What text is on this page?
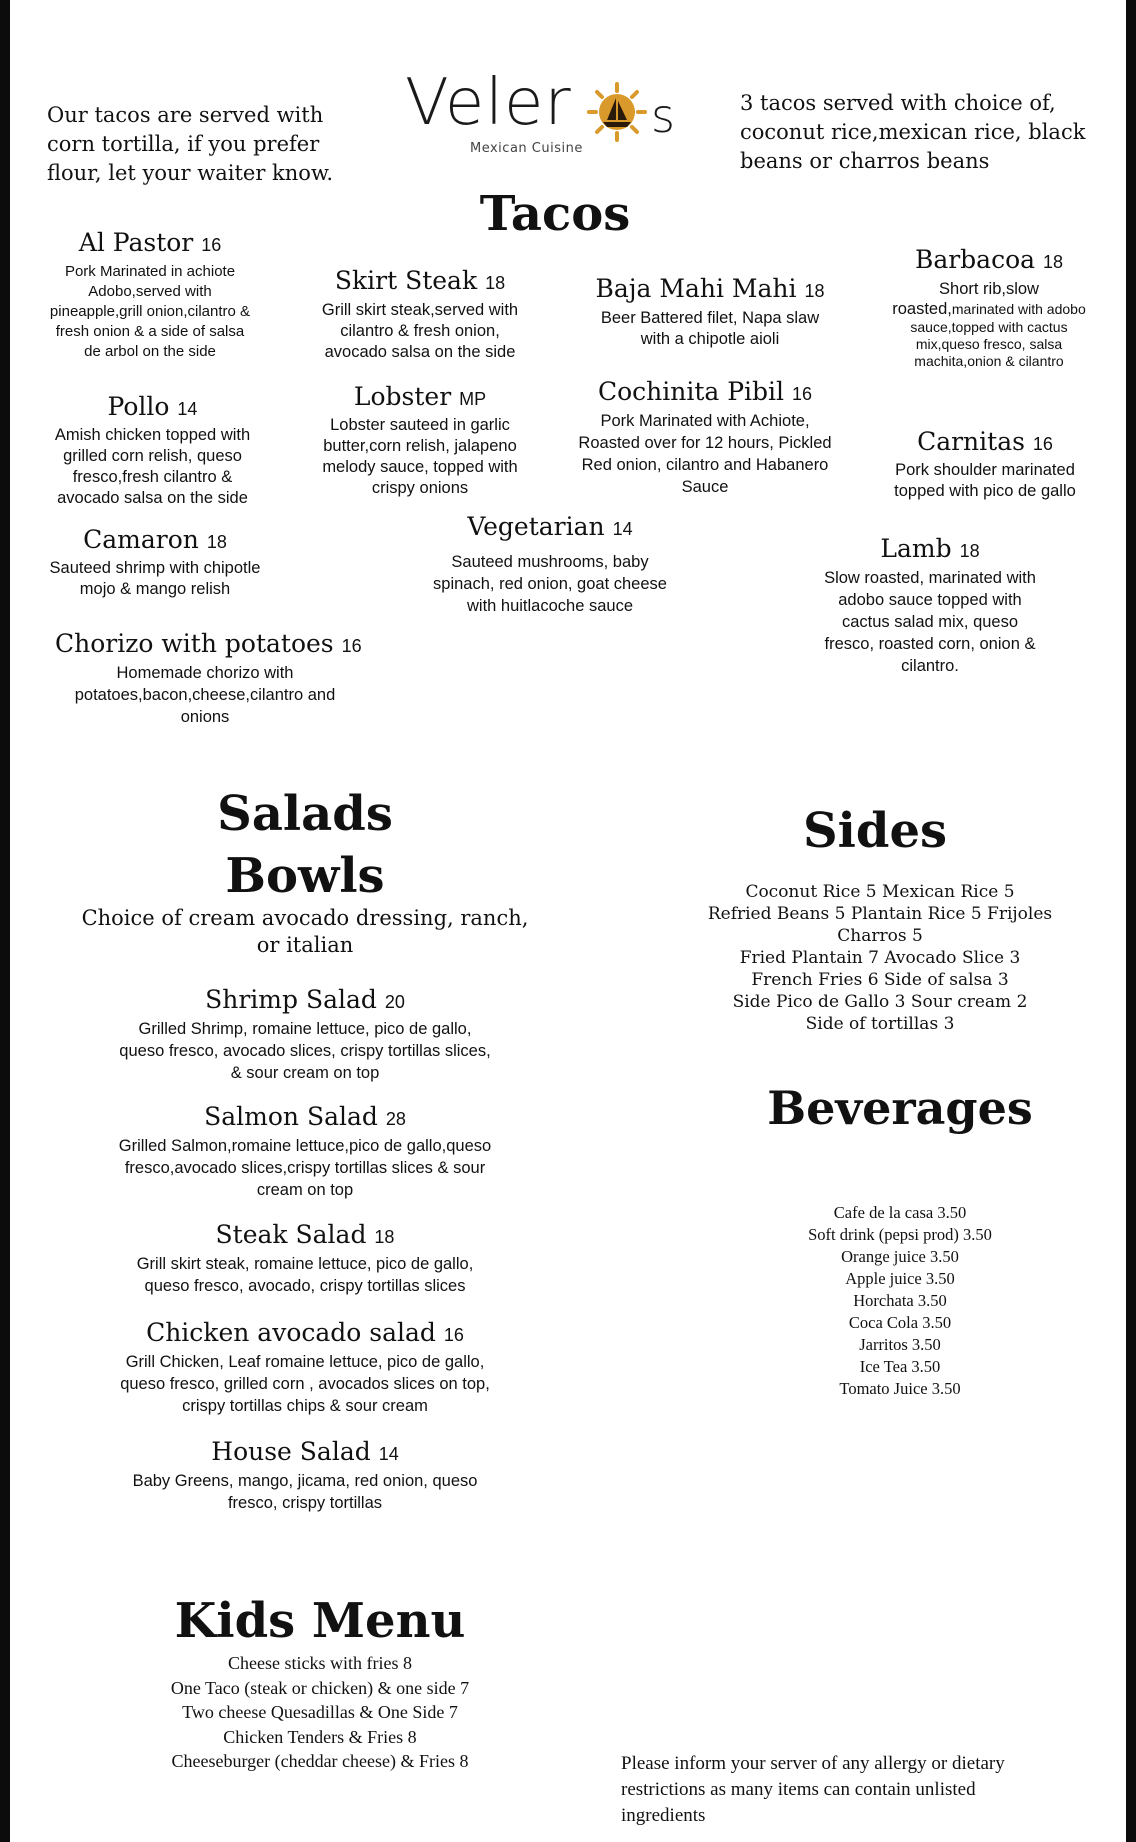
Veler s
Mexican Cuisine
Our tacos are served with
corn tortilla, if you prefer
flour, let your waiter know.
3 tacos served with choice of,
coconut rice,mexican rice, black
beans or charros beans
Tacos
Al Pastor 16
Pork Marinated in achiote
Adobo,served with
pineapple,grill onion,cilantro &
fresh onion & a side of salsa
de arbol on the side
Skirt Steak 18
Grill skirt steak,served with
cilantro & fresh onion,
avocado salsa on the side
Baja Mahi Mahi 18
Beer Battered filet, Napa slaw
with a chipotle aioli
Barbacoa 18
Short rib,slow
roasted,marinated with adobo
sauce,topped with cactus
mix,queso fresco, salsa
machita,onion & cilantro
Pollo 14
Amish chicken topped with
grilled corn relish, queso
fresco,fresh cilantro &
avocado salsa on the side
Lobster MP
Lobster sauteed in garlic
butter,corn relish, jalapeno
melody sauce, topped with
crispy onions
Cochinita Pibil 16
Pork Marinated with Achiote,
Roasted over for 12 hours, Pickled
Red onion, cilantro and Habanero
Sauce
Carnitas 16
Pork shoulder marinated
topped with pico de gallo
Vegetarian 14
Sauteed mushrooms, baby
spinach, red onion, goat cheese
with huitlacoche sauce
Camaron 18
Sauteed shrimp with chipotle
mojo & mango relish
Lamb 18
Slow roasted, marinated with
adobo sauce topped with
cactus salad mix, queso
fresco, roasted corn, onion &
cilantro.
Chorizo with potatoes 16
Homemade chorizo with
potatoes,bacon,cheese,cilantro and
onions
Salads
Bowls
Choice of cream avocado dressing, ranch,
or italian
Shrimp Salad 20
Grilled Shrimp, romaine lettuce, pico de gallo,
queso fresco, avocado slices, crispy tortillas slices,
& sour cream on top
Salmon Salad 28
Grilled Salmon,romaine lettuce,pico de gallo,queso
fresco,avocado slices,crispy tortillas slices & sour
cream on top
Steak Salad 18
Grill skirt steak, romaine lettuce, pico de gallo,
queso fresco, avocado, crispy tortillas slices
Chicken avocado salad 16
Grill Chicken, Leaf romaine lettuce, pico de gallo,
queso fresco, grilled corn , avocados slices on top,
crispy tortillas chips & sour cream
House Salad 14
Baby Greens, mango, jicama, red onion, queso
fresco, crispy tortillas
Sides
Coconut Rice 5 Mexican Rice 5
Refried Beans 5 Plantain Rice 5 Frijoles
Charros 5
Fried Plantain 7 Avocado Slice 3
French Fries 6 Side of salsa 3
Side Pico de Gallo 3 Sour cream 2
Side of tortillas 3
Beverages
Cafe de la casa 3.50
Soft drink (pepsi prod) 3.50
Orange juice 3.50
Apple juice 3.50
Horchata 3.50
Coca Cola 3.50
Jarritos 3.50
Ice Tea 3.50
Tomato Juice 3.50
Kids Menu
Cheese sticks with fries 8
One Taco (steak or chicken) & one side 7
Two cheese Quesadillas & One Side 7
Chicken Tenders & Fries 8
Cheeseburger (cheddar cheese) & Fries 8	Please inform your server of any allergy or dietary
restrictions as many items can contain unlisted
ingredients
